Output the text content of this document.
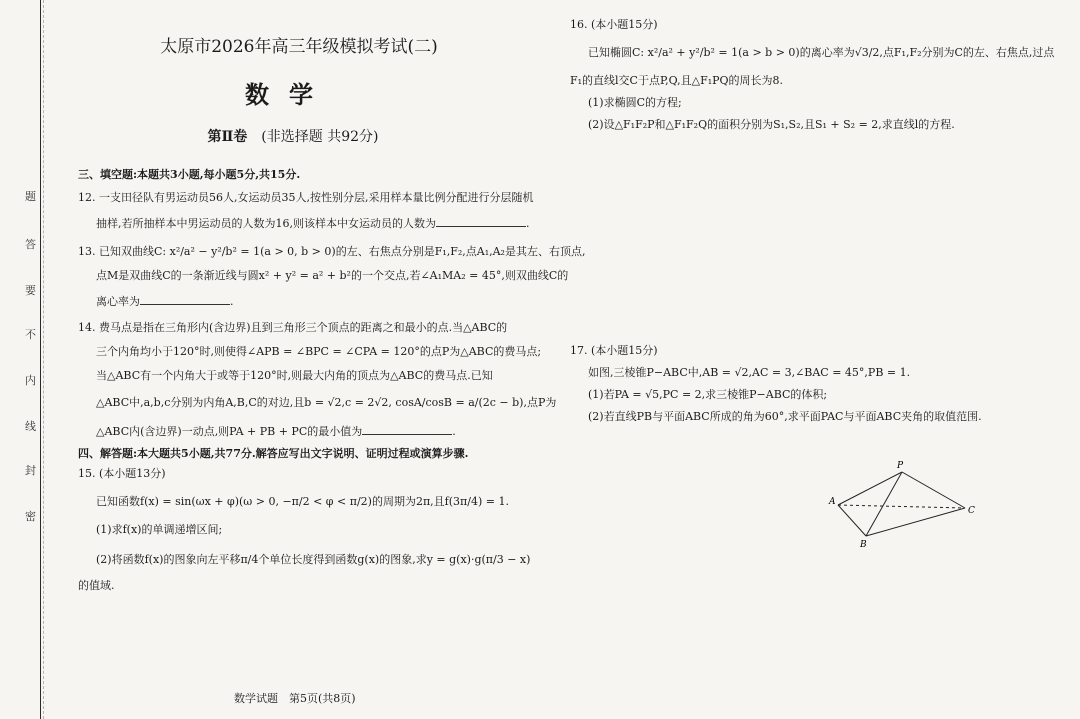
题
答
要
不
内
线
封
密
太原市2026年高三年级模拟考试(二)
数学
第Ⅱ卷 (非选择题 共92分)
三、填空题:本题共3小题,每小题5分,共15分.
12. 一支田径队有男运动员56人,女运动员35人,按性别分层,采用样本量比例分配进行分层随机
抽样,若所抽样本中男运动员的人数为16,则该样本中女运动员的人数为	.
13. 已知双曲线C: x²/a² − y²/b² = 1(a > 0, b > 0)的左、右焦点分别是F₁,F₂,点A₁,A₂是其左、右顶点,
点M是双曲线C的一条渐近线与圆x² + y² = a² + b²的一个交点,若∠A₁MA₂ = 45°,则双曲线C的
离心率为	.
14. 费马点是指在三角形内(含边界)且到三角形三个顶点的距离之和最小的点.当△ABC的
三个内角均小于120°时,则使得∠APB = ∠BPC = ∠CPA = 120°的点P为△ABC的费马点;
当△ABC有一个内角大于或等于120°时,则最大内角的顶点为△ABC的费马点.已知
△ABC中,a,b,c分别为内角A,B,C的对边,且b = √2,c = 2√2, cosA/cosB = a/(2c − b),点P为
△ABC内(含边界)一动点,则PA + PB + PC的最小值为	.
四、解答题:本大题共5小题,共77分.解答应写出文字说明、证明过程或演算步骤.
15. (本小题13分)
已知函数f(x) = sin(ωx + φ)(ω > 0, −π/2 < φ < π/2)的周期为2π,且f(3π/4) = 1.
(1)求f(x)的单调递增区间;
(2)将函数f(x)的图象向左平移π/4个单位长度得到函数g(x)的图象,求y = g(x)·g(π/3 − x)
的值域.
16. (本小题15分)
已知椭圆C: x²/a² + y²/b² = 1(a > b > 0)的离心率为√3/2,点F₁,F₂分别为C的左、右焦点,过点
F₁的直线l交C于点P,Q,且△F₁PQ的周长为8.
(1)求椭圆C的方程;
(2)设△F₁F₂P和△F₁F₂Q的面积分别为S₁,S₂,且S₁ + S₂ = 2,求直线l的方程.
17. (本小题15分)
如图,三棱锥P−ABC中,AB = √2,AC = 3,∠BAC = 45°,PB = 1.
(1)若PA = √5,PC = 2,求三棱锥P−ABC的体积;
(2)若直线PB与平面ABC所成的角为60°,求平面PAC与平面ABC夹角的取值范围.
P
A
B
C
数学试题　第5页(共8页)
